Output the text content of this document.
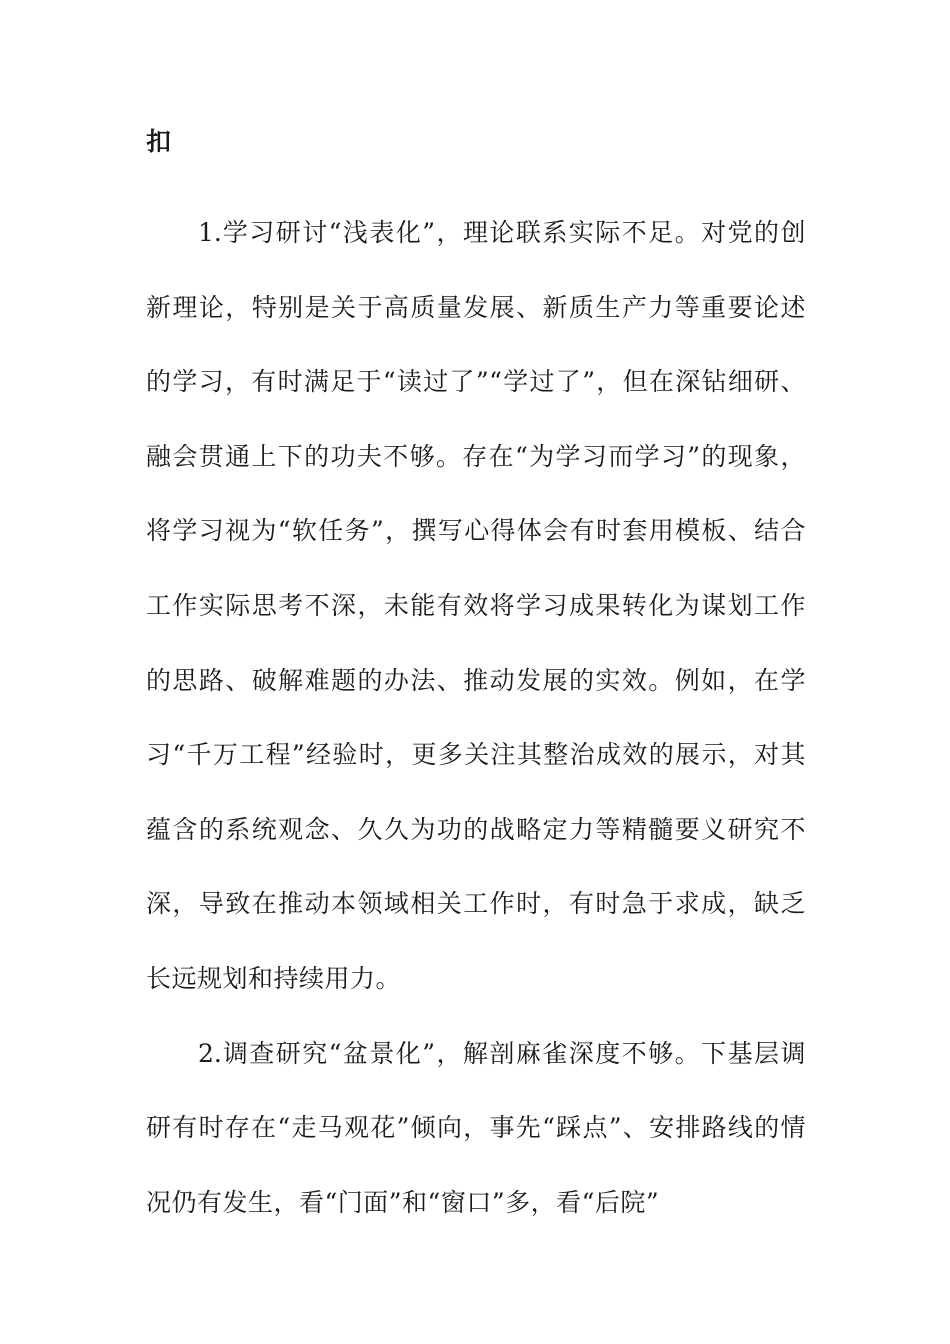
扣

1.学习研讨“浅表化”，理论联系实际不足。对党的创新理论，特别是关于高质量发展、新质生产力等重要论述的学习，有时满足于“读过了”“学过了”，但在深钻细研、融会贯通上下的功夫不够。存在“为学习而学习”的现象，将学习视为“软任务”，撰写心得体会有时套用模板、结合工作实际思考不深，未能有效将学习成果转化为谋划工作的思路、破解难题的办法、推动发展的实效。例如，在学习“千万工程”经验时，更多关注其整治成效的展示，对其蕴含的系统观念、久久为功的战略定力等精髓要义研究不深，导致在推动本领域相关工作时，有时急于求成，缺乏长远规划和持续用力。

2.调查研究“盆景化”，解剖麻雀深度不够。下基层调研有时存在“走马观花”倾向，事先“踩点”、安排路线的情况仍有发生，看“门面”和“窗口”多，看“后院”
